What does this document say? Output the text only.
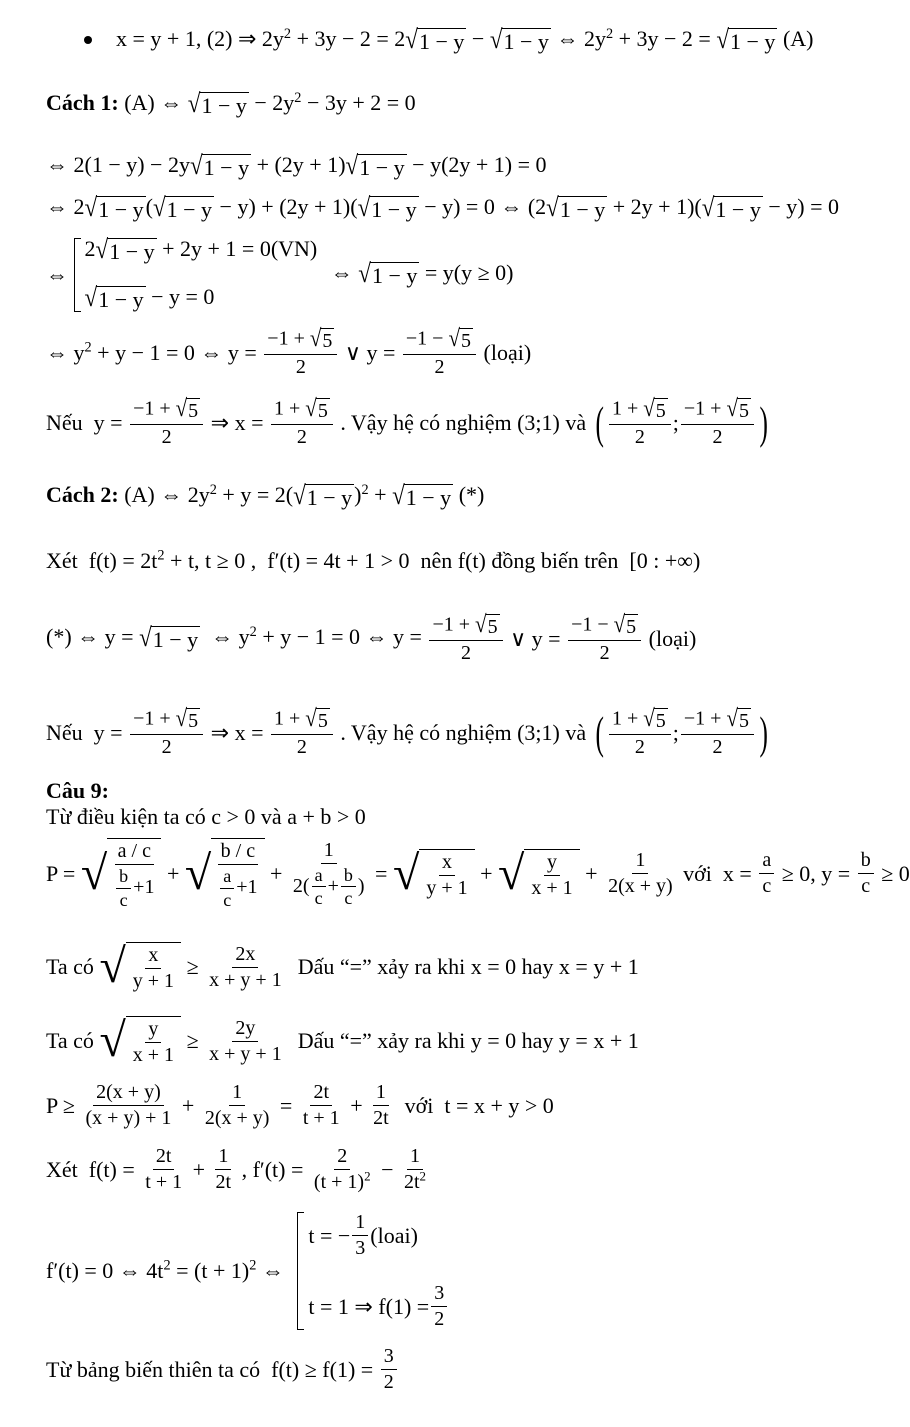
x = y + 1, (2) ⇒ $2y^2 + 3y - 2 = 2$ √ 1 − y − √ 1 − y ⇔ $2y^2 + 3y - 2$ = √ 1 − y (A)
Cách 1: (A) ⇔ √ $1 - y - 2y^2 - 3y + 2 = 0$
⇔ 2(1 − y) − 2y √ 1 − y + (2y + 1) √ 1 − y − y(2y + 1) = 0
⇔ 2 √ 1 − y ( √ 1 − y − y) + (2y + 1)( √ 1 − y − y) = 0 ⇔ (2 √ 1 − y + 2y + 1)( √ 1 − y − y) = 0
⇔
2 √ 1 − y + 2y + 1 = 0(VN)
√ 1 − y − y = 0
⇔ √ 1 − y = y(y ≥ 0)
⇔ $y^2 + y - 1 = 0$ ⇔ $y = \frac{-1 + √ 5}{2}$ ∨ $y = \frac{-1 - √ 5}{2}$ (loại)
Nếu  $y = \frac{-1 + √ 5}{2}$ ⇒ $x = \frac{1 + √ 5}{2}$ . Vậy hệ có nghiệm (3;1) và ( $\frac{1 + √ 5}{2}$ ; $\frac{-1 + √ 5}{2}$ )
Cách 2: (A) ⇔ $2y^2 + y = 2$( √ 1 − y )$^2$ + √ 1 − y (*)
Xét  $f(t) = 2t^2 + t$, t ≥ 0 ,  f′(t) = 4t + 1 > 0  nên f(t) đồng biến trên  [0 : +∞)
(*) ⇔ y = √ 1 − y ⇔ $y^2 + y - 1 = 0$ ⇔ $y = \frac{-1 + √ 5}{2}$ ∨ $y = \frac{-1 - √ 5}{2}$ (loại)
Nếu  $y = \frac{-1 + √ 5}{2}$ ⇒ $x = \frac{1 + √ 5}{2}$ . Vậy hệ có nghiệm (3;1) và ( $\frac{1 + √ 5}{2}$ ; $\frac{-1 + √ 5}{2}$ )
Câu 9:
Từ điều kiện ta có c > 0 và a + b > 0
P = √ a / c
$\frac{b}{c} +1$
+ √ b / c
$\frac{a}{c} +1$
+ $\frac{1}{2( \frac{a}{c} + \frac{b}{c} )}$ = √ x
y + 1
+ √ y
x + 1
+ $\frac{1}{2(x + y)}$ với  $x = \frac{a}{c} \ge 0$, $y = \frac{b}{c} \ge 0$
Ta có √ x
y + 1
≥ $\frac{2x}{x + y + 1}$ Dấu “=” xảy ra khi x = 0 hay x = y + 1
Ta có √ y
x + 1
≥ $\frac{2y}{x + y + 1}$ Dấu “=” xảy ra khi y = 0 hay y = x + 1
$P \ge \frac{2(x + y)}{(x + y) + 1} + \frac{1}{2(x + y)} = \frac{2t}{t + 1} + \frac{1}{2t}$ với  t = x + y > 0
Xét  $f(t) = \frac{2t}{t + 1} + \frac{1}{2t}$ , $f'(t) = \frac{2}{(t + 1)^2} - \frac{1}{2t^2}$
f′(t) = 0 ⇔ $4t^2 = (t + 1)^2$ ⇔
t = − $\frac{1}{3}$ (loai)
t = 1 ⇒ $f(1) = \frac{3}{2}$
Từ bảng biến thiên ta có  $f(t) \ge f(1) = \frac{3}{2}$
